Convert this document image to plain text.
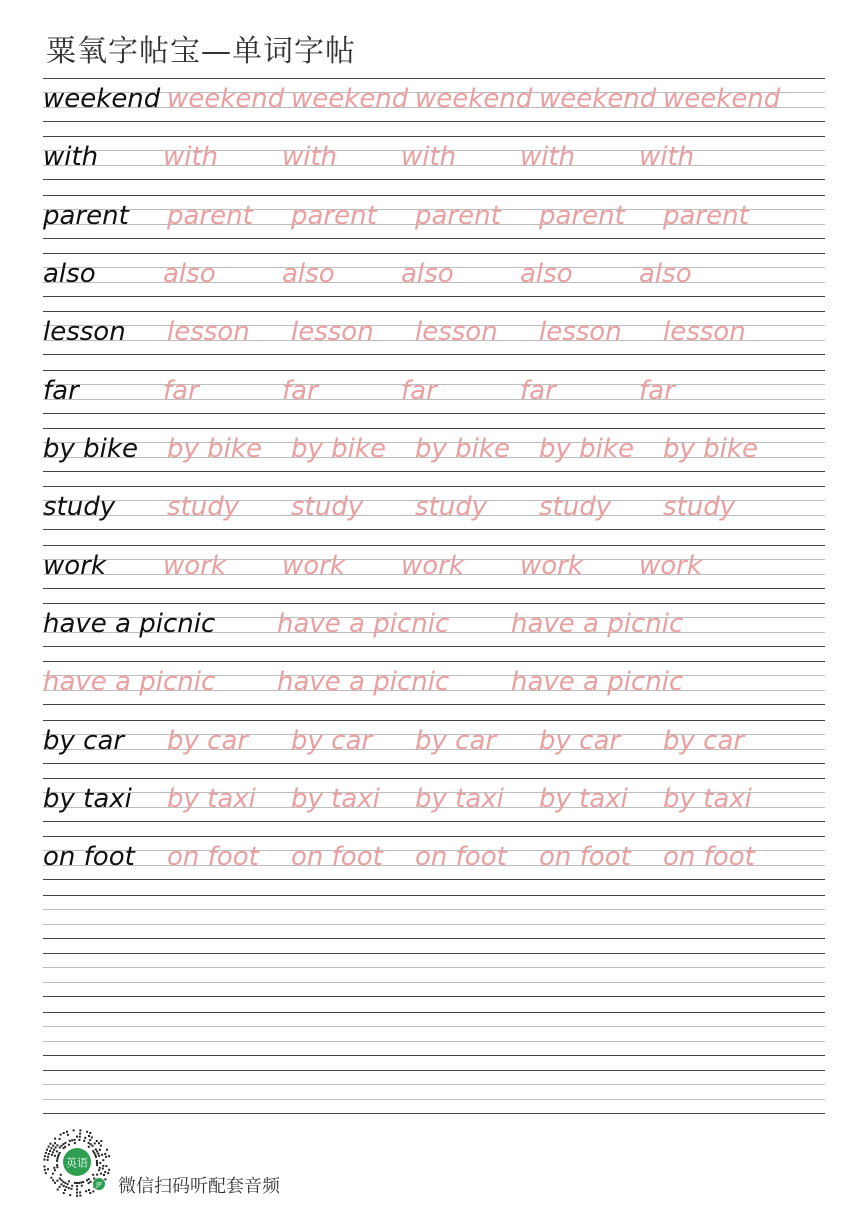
粟氧字帖宝—单词字帖
weekend weekend weekend weekend weekend weekend
with with with with with with
parent parent parent parent parent parent
also	also	also	also	also	also
lesson lesson lesson lesson lesson lesson
far	far	far	far	far	far
by bike by bike by bike by bike by bike by bike
study study study study study study
work work work work work work
have a picnic have a picnic have a picnic
have a picnic have a picnic have a picnic
by car by car by car by car by car by car
by taxi by taxi by taxi by taxi by taxi by taxi
on foot on foot on foot on foot on foot on foot
英语
JP 微信扫码听配套音频
